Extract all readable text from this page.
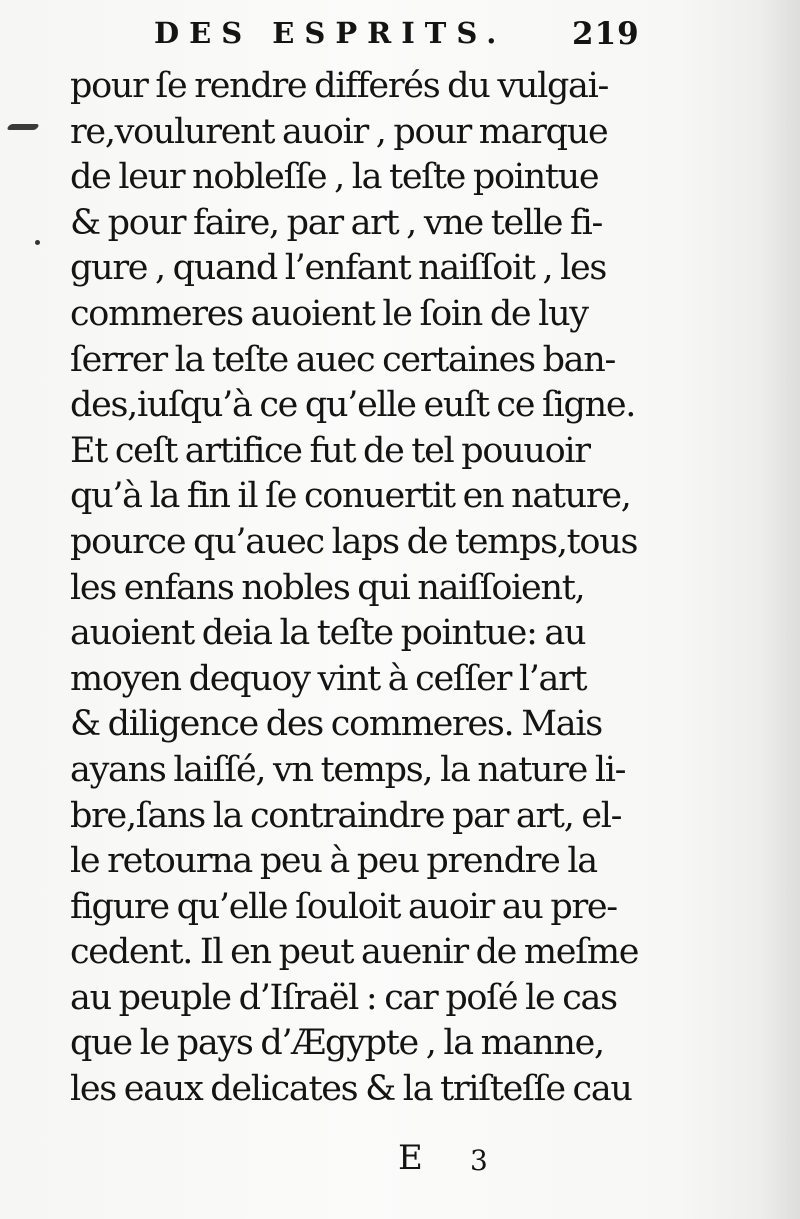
DES ESPRITS. 219
pour ſe rendre differés du vulgai-
re,voulurent auoir , pour marque
de leur nobleſſe , la teſte pointue
& pour faire, par art , vne telle fi-
gure , quand l’enfant naiſſoit , les
commeres auoient le ſoin de luy
ſerrer la teſte auec certaines ban-
des,iuſqu’à ce qu’elle euſt ce ſigne.
Et ceſt artifice fut de tel pouuoir
qu’à la fin il ſe conuertit en nature,
pource qu’auec laps de temps,tous
les enfans nobles qui naiſſoient,
auoient deia la teſte pointue: au
moyen dequoy vint à ceſſer l’art
& diligence des commeres. Mais
ayans laiſſé, vn temps, la nature li-
bre,ſans la contraindre par art, el-
le retourna peu à peu prendre la
figure qu’elle ſouloit auoir au pre-
cedent. Il en peut auenir de meſme
au peuple d’Iſraël : car poſé le cas
que le pays d’Ægypte , la manne,
les eaux delicates & la triſteſſe cau
E 3
